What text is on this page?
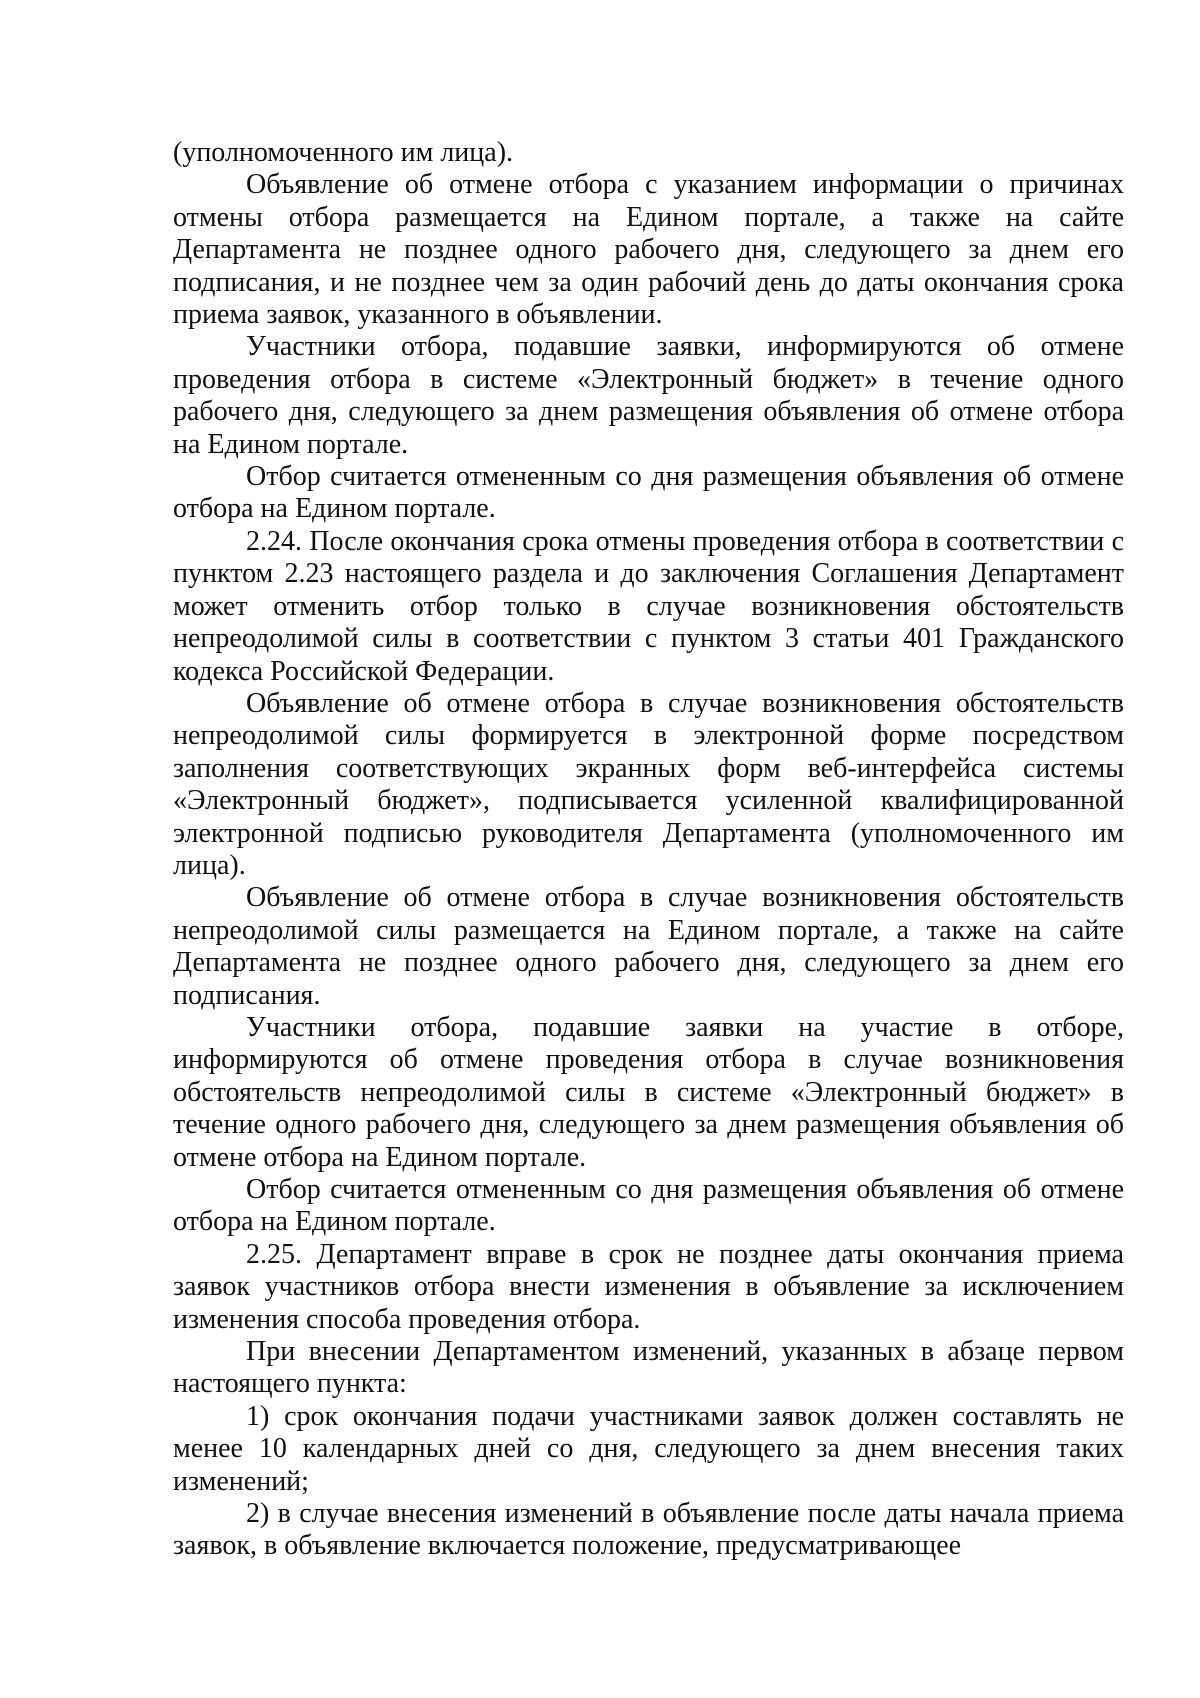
(уполномоченного им лица).

Объявление об отмене отбора с указанием информации о причинах отмены отбора размещается на Едином портале, а также на сайте Департамента не позднее одного рабочего дня, следующего за днем его подписания, и не позднее чем за один рабочий день до даты окончания срока приема заявок, указанного в объявлении.

Участники отбора, подавшие заявки, информируются об отмене проведения отбора в системе «Электронный бюджет» в течение одного рабочего дня, следующего за днем размещения объявления об отмене отбора на Едином портале.

Отбор считается отмененным со дня размещения объявления об отмене отбора на Едином портале.

2.24. После окончания срока отмены проведения отбора в соответствии с пунктом 2.23 настоящего раздела и до заключения Соглашения Департамент может отменить отбор только в случае возникновения обстоятельств непреодолимой силы в соответствии с пунктом 3 статьи 401 Гражданского кодекса Российской Федерации.

Объявление об отмене отбора в случае возникновения обстоятельств непреодолимой силы формируется в электронной форме посредством заполнения соответствующих экранных форм веб-интерфейса системы «Электронный бюджет», подписывается усиленной квалифицированной электронной подписью руководителя Департамента (уполномоченного им лица).

Объявление об отмене отбора в случае возникновения обстоятельств непреодолимой силы размещается на Едином портале, а также на сайте Департамента не позднее одного рабочего дня, следующего за днем его подписания.

Участники отбора, подавшие заявки на участие в отборе, информируются об отмене проведения отбора в случае возникновения обстоятельств непреодолимой силы в системе «Электронный бюджет» в течение одного рабочего дня, следующего за днем размещения объявления об отмене отбора на Едином портале.

Отбор считается отмененным со дня размещения объявления об отмене отбора на Едином портале.

2.25. Департамент вправе в срок не позднее даты окончания приема заявок участников отбора внести изменения в объявление за исключением изменения способа проведения отбора.

При внесении Департаментом изменений, указанных в абзаце первом настоящего пункта:

1) срок окончания подачи участниками заявок должен составлять не менее 10 календарных дней со дня, следующего за днем внесения таких изменений;

2) в случае внесения изменений в объявление после даты начала приема заявок, в объявление включается положение, предусматривающее
